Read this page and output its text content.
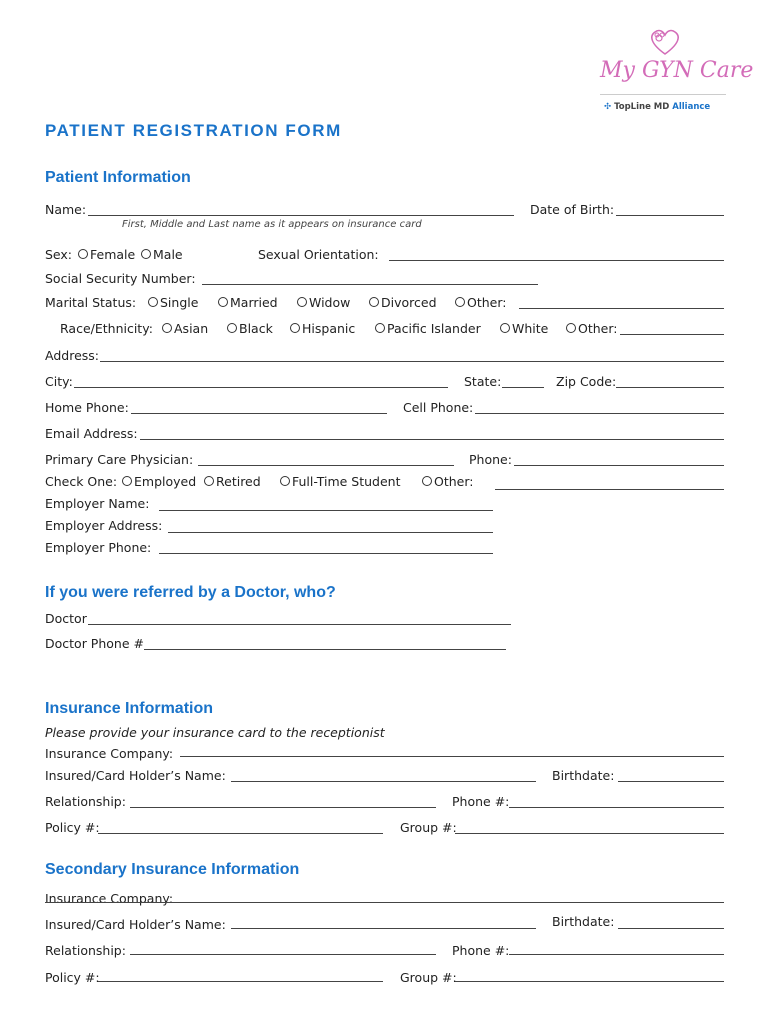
My GYN Care
✣ TopLine MD Alliance
PATIENT REGISTRATION FORM
Patient Information
Name:
First, Middle and Last name as it appears on insurance card
Date of Birth:
Sex:	Female	Male	Sexual Orientation:
Social Security Number:
Marital Status:	Single	Married	Widow	Divorced	Other:
Race/Ethnicity:	Asian	Black	Hispanic	Pacific Islander	White	Other:
Address:
City:	State:	Zip Code:
Home Phone:	Cell Phone:
Email Address:
Primary Care Physician:	Phone:
Check One:	Employed	Retired	Full-Time Student	Other:
Employer Name:
Employer Address:
Employer Phone:
If you were referred by a Doctor, who?
Doctor
Doctor Phone #
Insurance Information
Please provide your insurance card to the receptionist
Insurance Company:
Insured/Card Holder’s Name:	Birthdate:
Relationship:	Phone #:
Policy #:	Group #:
Secondary Insurance Information
Insurance Company:
Insured/Card Holder’s Name:	Birthdate:
Relationship:	Phone #:
Policy #:	Group #:
